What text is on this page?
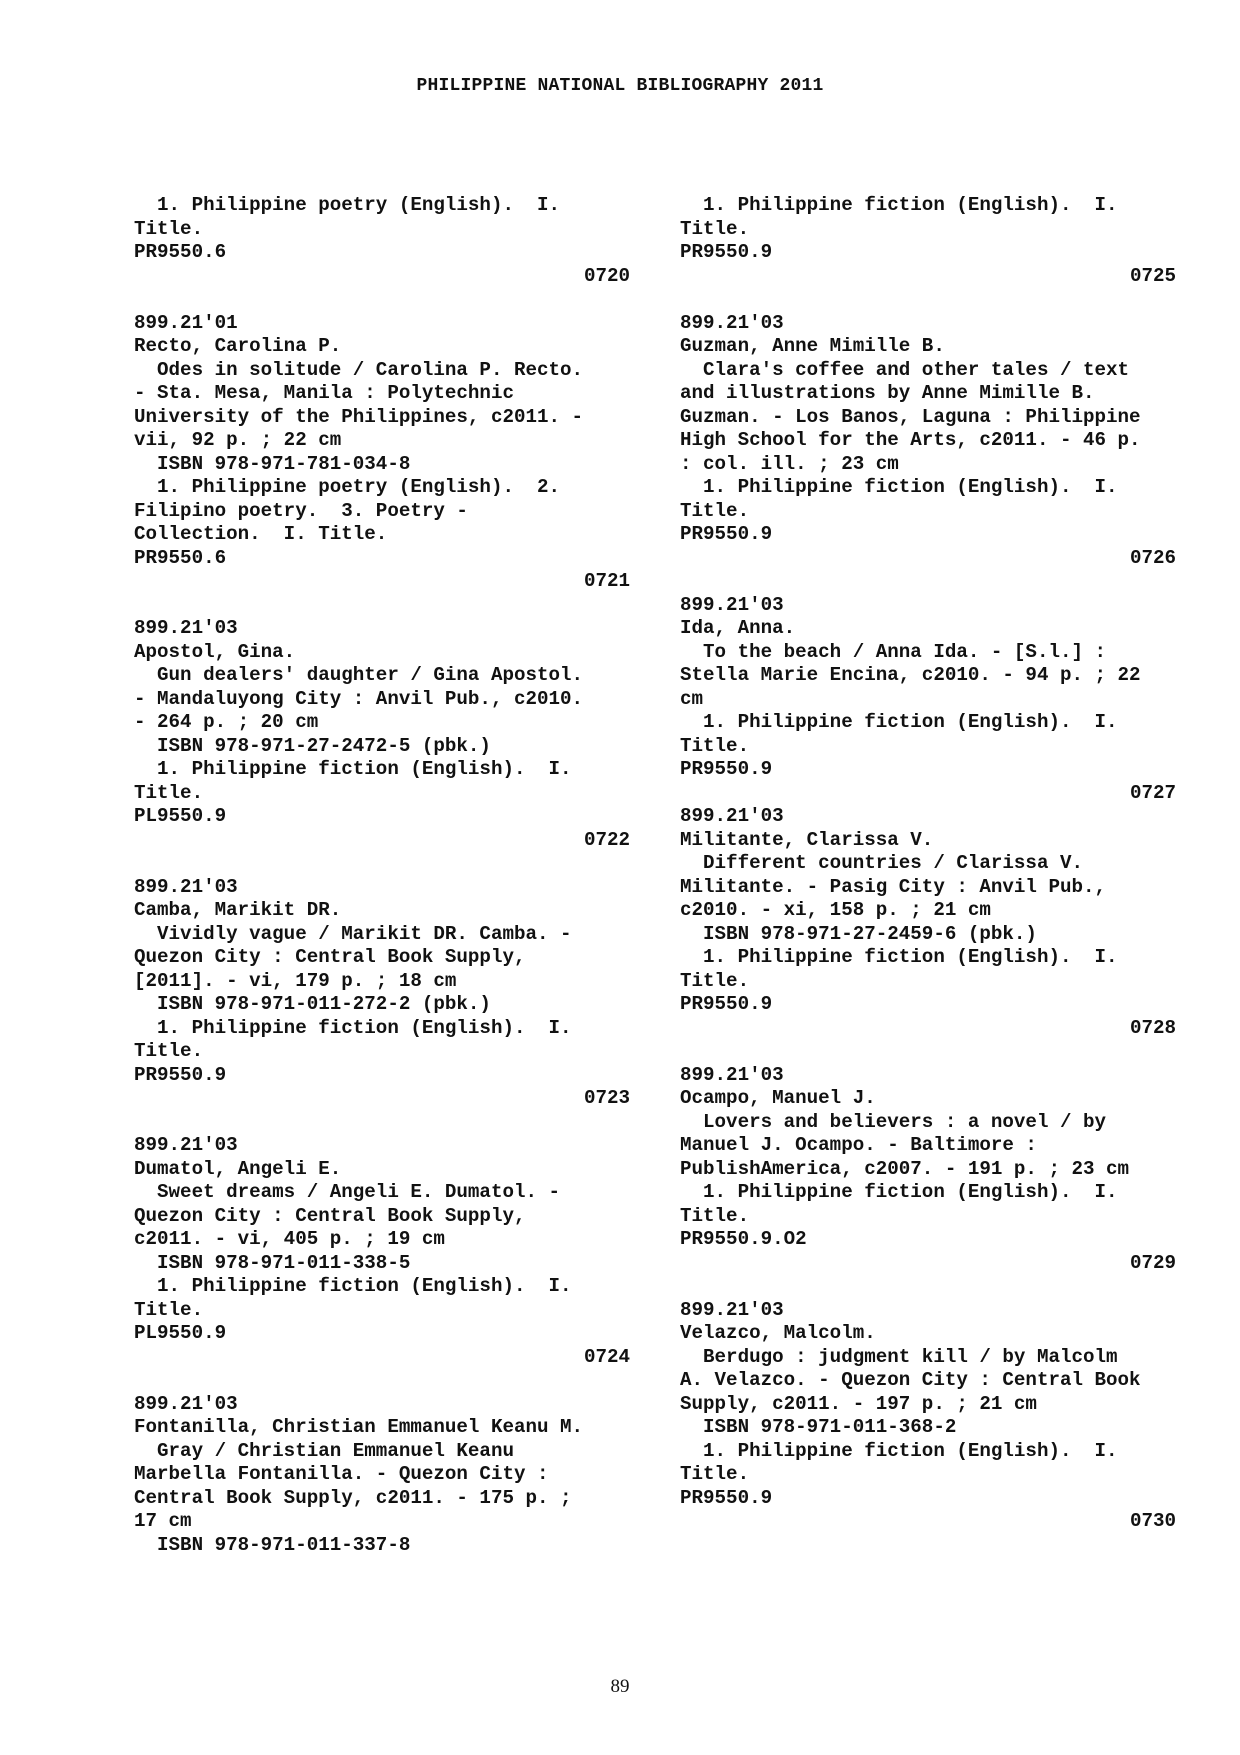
PHILIPPINE NATIONAL BIBLIOGRAPHY 2011
1. Philippine poetry (English).  I.
Title.
PR9550.6
0720
899.21'01
Recto, Carolina P.
Odes in solitude / Carolina P. Recto.
- Sta. Mesa, Manila : Polytechnic
University of the Philippines, c2011. -
vii, 92 p. ; 22 cm
ISBN 978-971-781-034-8
1. Philippine poetry (English).  2.
Filipino poetry.  3. Poetry -
Collection.  I. Title.
PR9550.6
0721
899.21'03
Apostol, Gina.
Gun dealers' daughter / Gina Apostol.
- Mandaluyong City : Anvil Pub., c2010.
- 264 p. ; 20 cm
ISBN 978-971-27-2472-5 (pbk.)
1. Philippine fiction (English).  I.
Title.
PL9550.9
0722
899.21'03
Camba, Marikit DR.
Vividly vague / Marikit DR. Camba. -
Quezon City : Central Book Supply,
[2011]. - vi, 179 p. ; 18 cm
ISBN 978-971-011-272-2 (pbk.)
1. Philippine fiction (English).  I.
Title.
PR9550.9
0723
899.21'03
Dumatol, Angeli E.
Sweet dreams / Angeli E. Dumatol. -
Quezon City : Central Book Supply,
c2011. - vi, 405 p. ; 19 cm
ISBN 978-971-011-338-5
1. Philippine fiction (English).  I.
Title.
PL9550.9
0724
899.21'03
Fontanilla, Christian Emmanuel Keanu M.
Gray / Christian Emmanuel Keanu
Marbella Fontanilla. - Quezon City :
Central Book Supply, c2011. - 175 p. ;
17 cm
ISBN 978-971-011-337-8
1. Philippine fiction (English).  I.
Title.
PR9550.9
0725
899.21'03
Guzman, Anne Mimille B.
Clara's coffee and other tales / text
and illustrations by Anne Mimille B.
Guzman. - Los Banos, Laguna : Philippine
High School for the Arts, c2011. - 46 p.
: col. ill. ; 23 cm
1. Philippine fiction (English).  I.
Title.
PR9550.9
0726
899.21'03
Ida, Anna.
To the beach / Anna Ida. - [S.l.] :
Stella Marie Encina, c2010. - 94 p. ; 22
cm
1. Philippine fiction (English).  I.
Title.
PR9550.9
0727
899.21'03
Militante, Clarissa V.
Different countries / Clarissa V.
Militante. - Pasig City : Anvil Pub.,
c2010. - xi, 158 p. ; 21 cm
ISBN 978-971-27-2459-6 (pbk.)
1. Philippine fiction (English).  I.
Title.
PR9550.9
0728
899.21'03
Ocampo, Manuel J.
Lovers and believers : a novel / by
Manuel J. Ocampo. - Baltimore :
PublishAmerica, c2007. - 191 p. ; 23 cm
1. Philippine fiction (English).  I.
Title.
PR9550.9.O2
0729
899.21'03
Velazco, Malcolm.
Berdugo : judgment kill / by Malcolm
A. Velazco. - Quezon City : Central Book
Supply, c2011. - 197 p. ; 21 cm
ISBN 978-971-011-368-2
1. Philippine fiction (English).  I.
Title.
PR9550.9
0730
89
